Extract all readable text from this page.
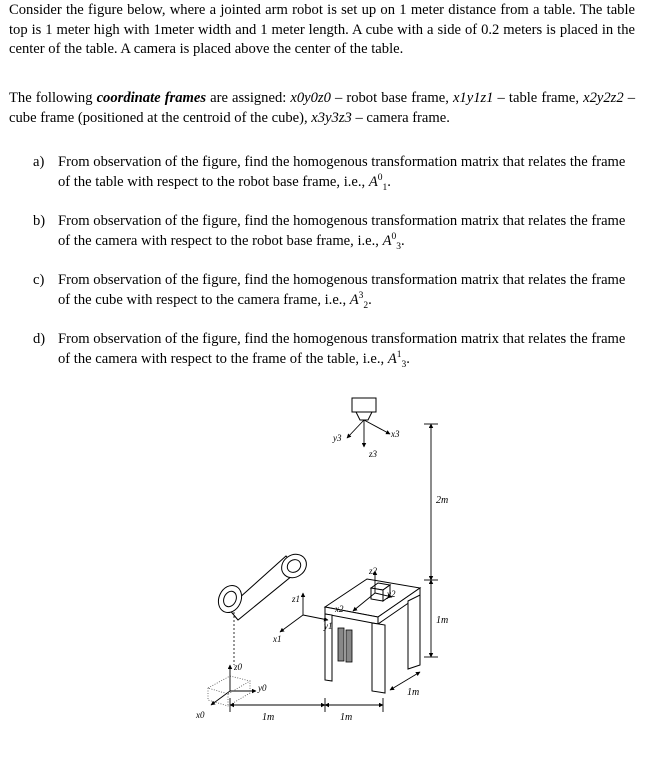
Consider the figure below, where a jointed arm robot is set up on 1 meter distance from a table. The table top is 1 meter high with 1meter width and 1 meter length. A cube with a side of 0.2 meters is placed in the center of the table. A camera is placed above the center of the table.

The following coordinate frames are assigned: x0y0z0 – robot base frame, x1y1z1 – table frame, x2y2z2 – cube frame (positioned at the centroid of the cube), x3y3z3 – camera frame.

a) From observation of the figure, find the homogenous transformation matrix that relates the frame of the table with respect to the robot base frame, i.e., $A^0_1$.
b) From observation of the figure, find the homogenous transformation matrix that relates the frame of the camera with respect to the robot base frame, i.e., $A^0_3$.
c) From observation of the figure, find the homogenous transformation matrix that relates the frame of the cube with respect to the camera frame, i.e., $A^3_2$.
d) From observation of the figure, find the homogenous transformation matrix that relates the frame of the camera with respect to the frame of the table, i.e., $A^1_3$.
x3
y3
z3
2m
1m
z2
y2
x2
z1
x1
y1
z0
y0
x0	1m	1m
1m
